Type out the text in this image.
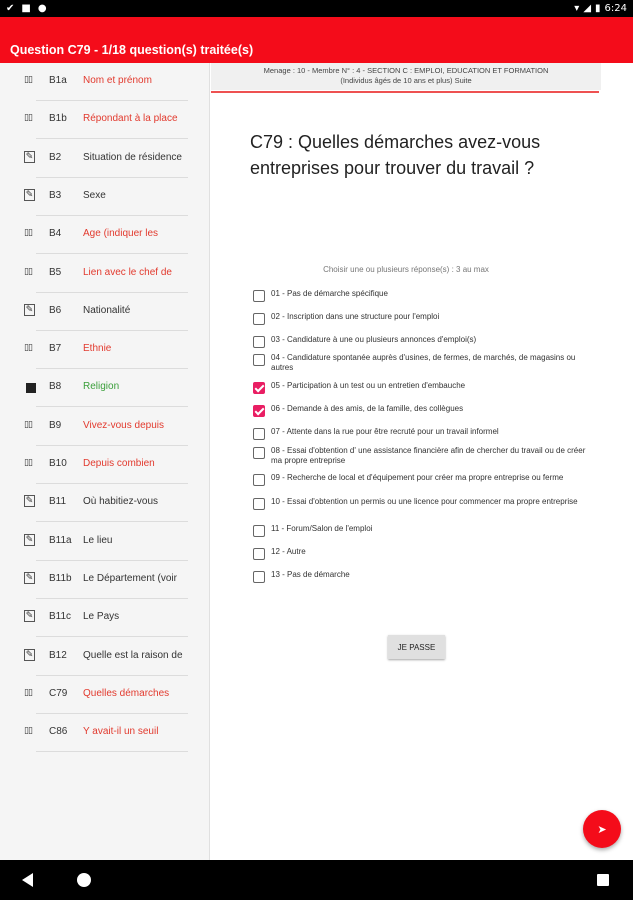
✔ ■ ●	▾ ◢ ▮ 6:24
Question C79 - 1/18 question(s) traitée(s)
▯▯	B1a Nom et prénom
▯▯	B1b Répondant à la place
✎ B2 Situation de résidence
✎ B3 Sexe
▯▯	B4 Age (indiquer les
▯▯	B5 Lien avec le chef de
✎ B6 Nationalité
▯▯	B7 Ethnie
B8 Religion
▯▯	B9 Vivez-vous depuis
▯▯	B10 Depuis combien
✎ B11 Où habitiez-vous
✎ B11a Le lieu
✎ B11b Le Département (voir
✎ B11c Le Pays
✎ B12 Quelle est la raison de
▯▯	C79 Quelles démarches
▯▯	C86 Y avait-il un seuil
Menage : 10 - Membre N° : 4 - SECTION C : EMPLOI, EDUCATION ET FORMATION
(Individus âgés de 10 ans et plus) Suite
C79 : Quelles démarches avez-vous entreprises pour trouver du travail ?
Choisir une ou plusieurs réponse(s) : 3 au max
01 - Pas de démarche spécifique
02 - Inscription dans une structure pour l'emploi
03 - Candidature à une ou plusieurs annonces d'emploi(s)
04 - Candidature spontanée auprès d'usines, de fermes, de marchés, de magasins ou autres
05 - Participation à un test ou un entretien d'embauche
06 - Demande à des amis, de la famille, des collègues
07 - Attente dans la rue pour être recruté pour un travail informel
08 - Essai d'obtention d' une assistance financière afin de chercher du travail ou de créer ma propre entreprise
09 - Recherche de local et d'équipement pour créer ma propre entreprise ou ferme
10 - Essai d'obtention un permis ou une licence pour commencer ma propre entreprise
11 - Forum/Salon de l'emploi
12 - Autre
13 - Pas de démarche
JE PASSE
➤
